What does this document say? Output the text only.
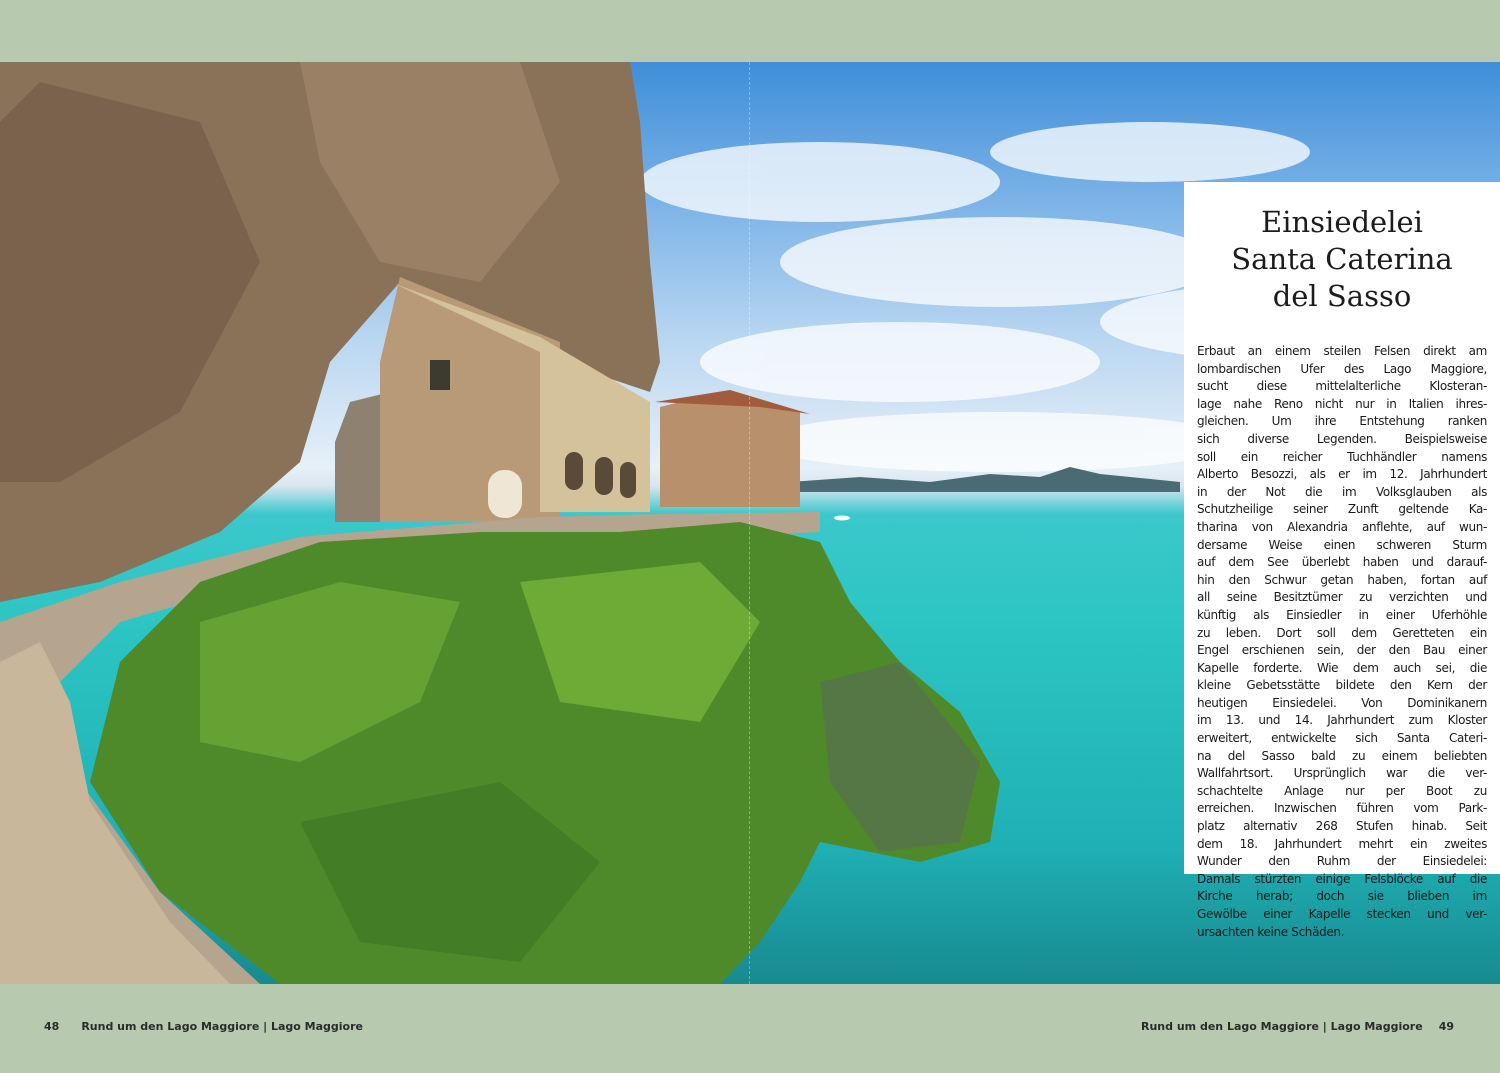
Einsiedelei
Santa Caterina
del Sasso
Erbaut an einem steilen Felsen direkt am
lombardischen Ufer des Lago Maggiore,
sucht diese mittelalterliche Klosteran-
lage nahe Reno nicht nur in Italien ihres-
gleichen. Um ihre Entstehung ranken
sich diverse Legenden. Beispielsweise
soll ein reicher Tuchhändler namens
Alberto Besozzi, als er im 12. Jahrhundert
in der Not die im Volksglauben als
Schutzheilige seiner Zunft geltende Ka-
tharina von Alexandria anflehte, auf wun-
dersame Weise einen schweren Sturm
auf dem See überlebt haben und darauf-
hin den Schwur getan haben, fortan auf
all seine Besitztümer zu verzichten und
künftig als Einsiedler in einer Uferhöhle
zu leben. Dort soll dem Geretteten ein
Engel erschienen sein, der den Bau einer
Kapelle forderte. Wie dem auch sei, die
kleine Gebetsstätte bildete den Kern der
heutigen Einsiedelei. Von Dominikanern
im 13. und 14. Jahrhundert zum Kloster
erweitert, entwickelte sich Santa Cateri-
na del Sasso bald zu einem beliebten
Wallfahrtsort. Ursprünglich war die ver-
schachtelte Anlage nur per Boot zu
erreichen. Inzwischen führen vom Park-
platz alternativ 268 Stufen hinab. Seit
dem 18. Jahrhundert mehrt ein zweites
Wunder den Ruhm der Einsiedelei:
Damals stürzten einige Felsblöcke auf die
Kirche herab; doch sie blieben im
Gewölbe einer Kapelle stecken und ver-
ursachten keine Schäden.
48 Rund um den Lago Maggiore | Lago Maggiore	Rund um den Lago Maggiore | Lago Maggiore 49
